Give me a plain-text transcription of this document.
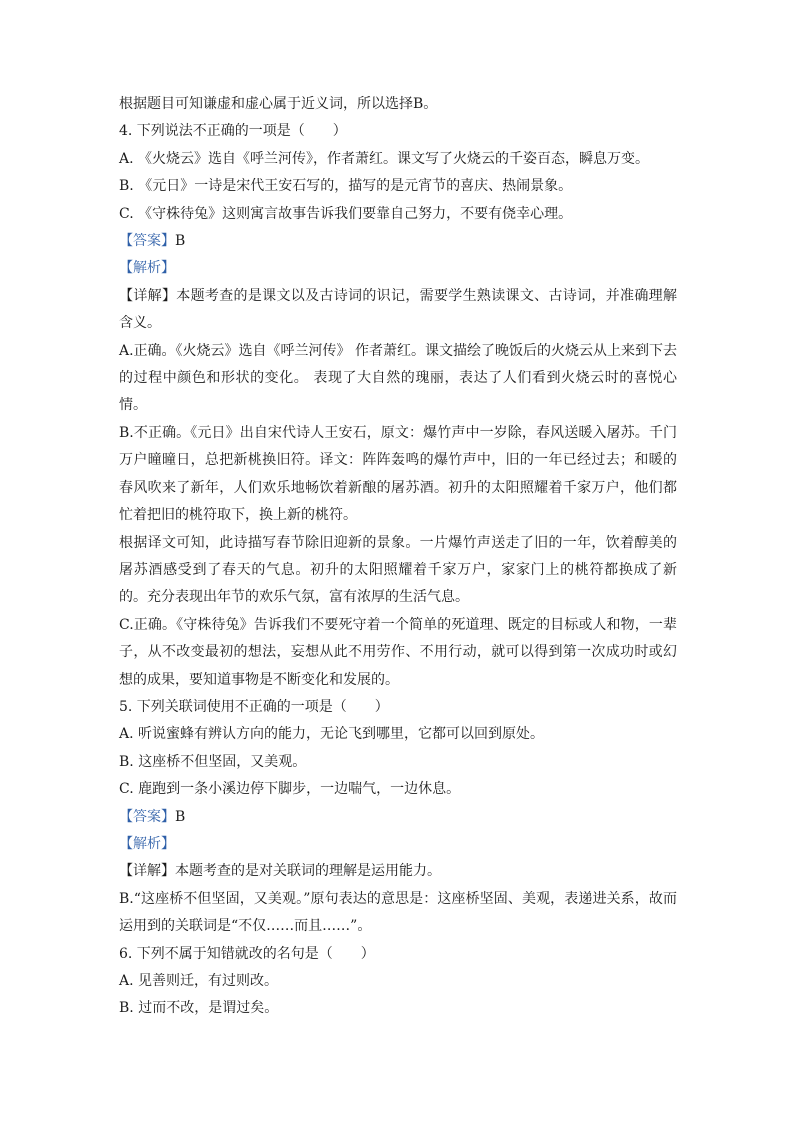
根据题目可知谦虚和虚心属于近义词，所以选择B。
4. 下列说法不正确的一项是（　　）
A. 《火烧云》选自《呼兰河传》，作者萧红。课文写了火烧云的千姿百态，瞬息万变。
B. 《元日》一诗是宋代王安石写的，描写的是元宵节的喜庆、热闹景象。
C. 《守株待兔》这则寓言故事告诉我们要靠自己努力，不要有侥幸心理。
【答案】B
【解析】
【详解】本题考查的是课文以及古诗词的识记，需要学生熟读课文、古诗词，并准确理解含义。
A.正确。《火烧云》选自《呼兰河传》 作者萧红。课文描绘了晚饭后的火烧云从上来到下去的过程中颜色和形状的变化。 表现了大自然的瑰丽，表达了人们看到火烧云时的喜悦心情。
B.不正确。《元日》出自宋代诗人王安石，原文：爆竹声中一岁除，春风送暖入屠苏。千门万户曈曈日，总把新桃换旧符。译文：阵阵轰鸣的爆竹声中，旧的一年已经过去；和暖的春风吹来了新年，人们欢乐地畅饮着新酿的屠苏酒。初升的太阳照耀着千家万户，他们都忙着把旧的桃符取下，换上新的桃符。
根据译文可知，此诗描写春节除旧迎新的景象。一片爆竹声送走了旧的一年，饮着醇美的屠苏酒感受到了春天的气息。初升的太阳照耀着千家万户，家家门上的桃符都换成了新的。充分表现出年节的欢乐气氛，富有浓厚的生活气息。
C.正确。《守株待兔》告诉我们不要死守着一个简单的死道理、既定的目标或人和物，一辈子，从不改变最初的想法，妄想从此不用劳作、不用行动，就可以得到第一次成功时或幻想的成果，要知道事物是不断变化和发展的。
5. 下列关联词使用不正确的一项是（　　）
A. 听说蜜蜂有辨认方向的能力，无论飞到哪里，它都可以回到原处。
B. 这座桥不但坚固，又美观。
C. 鹿跑到一条小溪边停下脚步，一边喘气，一边休息。
【答案】B
【解析】
【详解】本题考查的是对关联词的理解是运用能力。
B.“这座桥不但坚固，又美观。”原句表达的意思是：这座桥坚固、美观，表递进关系，故而运用到的关联词是“不仅……而且……”。
6. 下列不属于知错就改的名句是（　　）
A. 见善则迁，有过则改。
B. 过而不改，是谓过矣。
